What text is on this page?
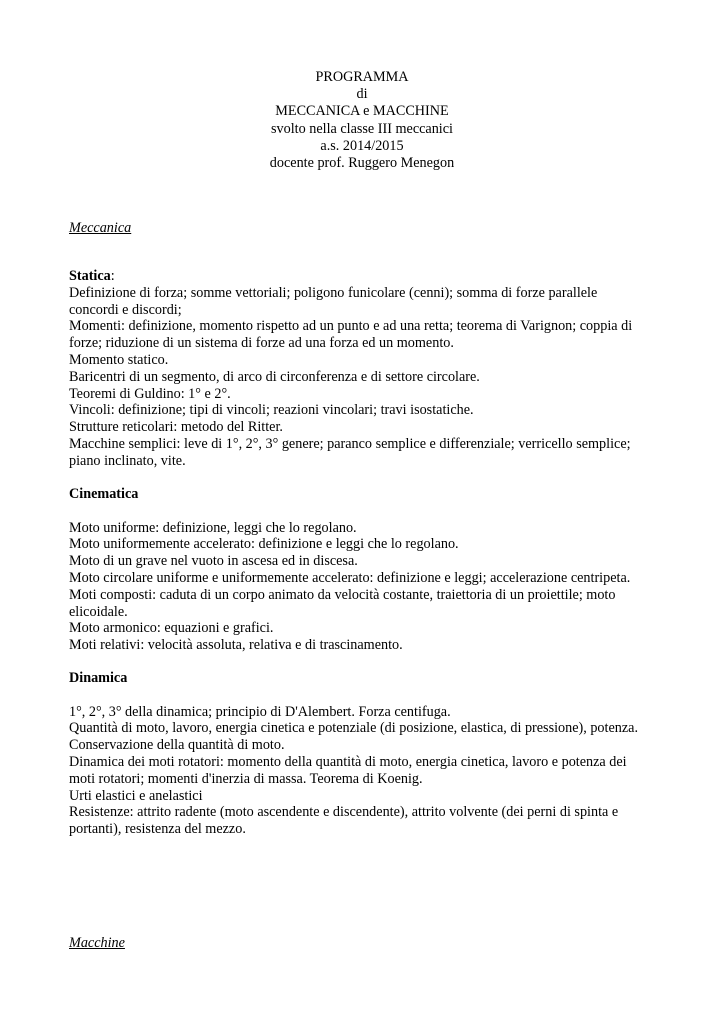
PROGRAMMA
di
MECCANICA e MACCHINE
svolto nella classe III meccanici
a.s. 2014/2015
docente prof. Ruggero Menegon
Meccanica
Statica:
Definizione di forza; somme vettoriali; poligono funicolare (cenni); somma di forze parallele
concordi e discordi;
Momenti: definizione, momento rispetto ad un punto e ad una retta; teorema di Varignon; coppia di
forze; riduzione di un sistema di forze ad una forza ed un momento.
Momento statico.
Baricentri di un segmento, di arco di circonferenza e di settore circolare.
Teoremi di Guldino: 1° e 2°.
Vincoli: definizione; tipi di vincoli; reazioni vincolari; travi isostatiche.
Strutture reticolari: metodo del Ritter.
Macchine semplici: leve di 1°, 2°, 3° genere; paranco semplice e differenziale; verricello semplice;
piano inclinato, vite.
Cinematica
Moto uniforme: definizione, leggi che lo regolano.
Moto uniformemente accelerato: definizione e leggi che lo regolano.
Moto di un grave nel vuoto in ascesa ed in discesa.
Moto circolare uniforme e uniformemente accelerato: definizione e leggi; accelerazione centripeta.
Moti composti: caduta di un corpo animato da velocità costante, traiettoria di un proiettile; moto
elicoidale.
Moto armonico: equazioni e grafici.
Moti relativi: velocità assoluta, relativa e di trascinamento.
Dinamica
1°, 2°, 3° della dinamica; principio di D'Alembert. Forza centifuga.
Quantità di moto, lavoro, energia cinetica e potenziale (di posizione, elastica, di pressione), potenza.
Conservazione della quantità di moto.
Dinamica dei moti rotatori: momento della quantità di moto, energia cinetica, lavoro e potenza dei
moti rotatori; momenti d'inerzia di massa. Teorema di Koenig.
Urti elastici e anelastici
Resistenze: attrito radente (moto ascendente e discendente), attrito volvente (dei perni di spinta e
portanti), resistenza del mezzo.
Macchine
